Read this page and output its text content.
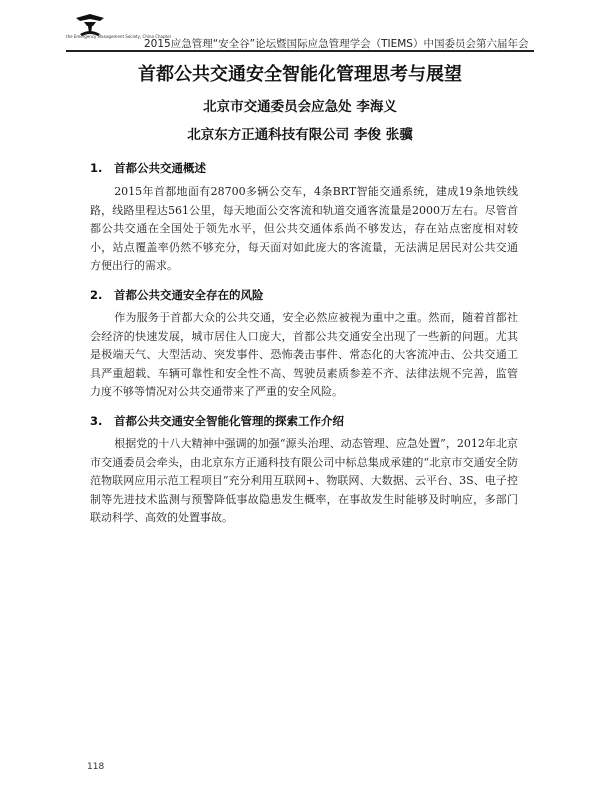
the Emergency Management Society, China Chapter
2015应急管理“安全谷”论坛暨国际应急管理学会（TIEMS）中国委员会第六届年会
首都公共交通安全智能化管理思考与展望
北京市交通委员会应急处 李海义
北京东方正通科技有限公司 李俊 张骥
1. 首都公共交通概述
2015年首都地面有28700多辆公交车，4条BRT智能交通系统，建成19条地铁线路，线路里程达561公里，每天地面公交客流和轨道交通客流量是2000万左右。尽管首都公共交通在全国处于领先水平，但公共交通体系尚不够发达，存在站点密度相对较小，站点覆盖率仍然不够充分，每天面对如此庞大的客流量，无法满足居民对公共交通方便出行的需求。
2. 首都公共交通安全存在的风险
作为服务于首都大众的公共交通，安全必然应被视为重中之重。然而，随着首都社会经济的快速发展，城市居住人口庞大，首都公共交通安全出现了一些新的问题。尤其是极端天气、大型活动、突发事件、恐怖袭击事件、常态化的大客流冲击、公共交通工具严重超载、车辆可靠性和安全性不高、驾驶员素质参差不齐、法律法规不完善，监管力度不够等情况对公共交通带来了严重的安全风险。
3. 首都公共交通安全智能化管理的探索工作介绍
根据党的十八大精神中强调的加强“源头治理、动态管理、应急处置”，2012年北京市交通委员会牵头，由北京东方正通科技有限公司中标总集成承建的“北京市交通安全防范物联网应用示范工程项目”充分利用互联网+、物联网、大数据、云平台、3S、电子控制等先进技术监测与预警降低事故隐患发生概率，在事故发生时能够及时响应，多部门联动科学、高效的处置事故。
118
